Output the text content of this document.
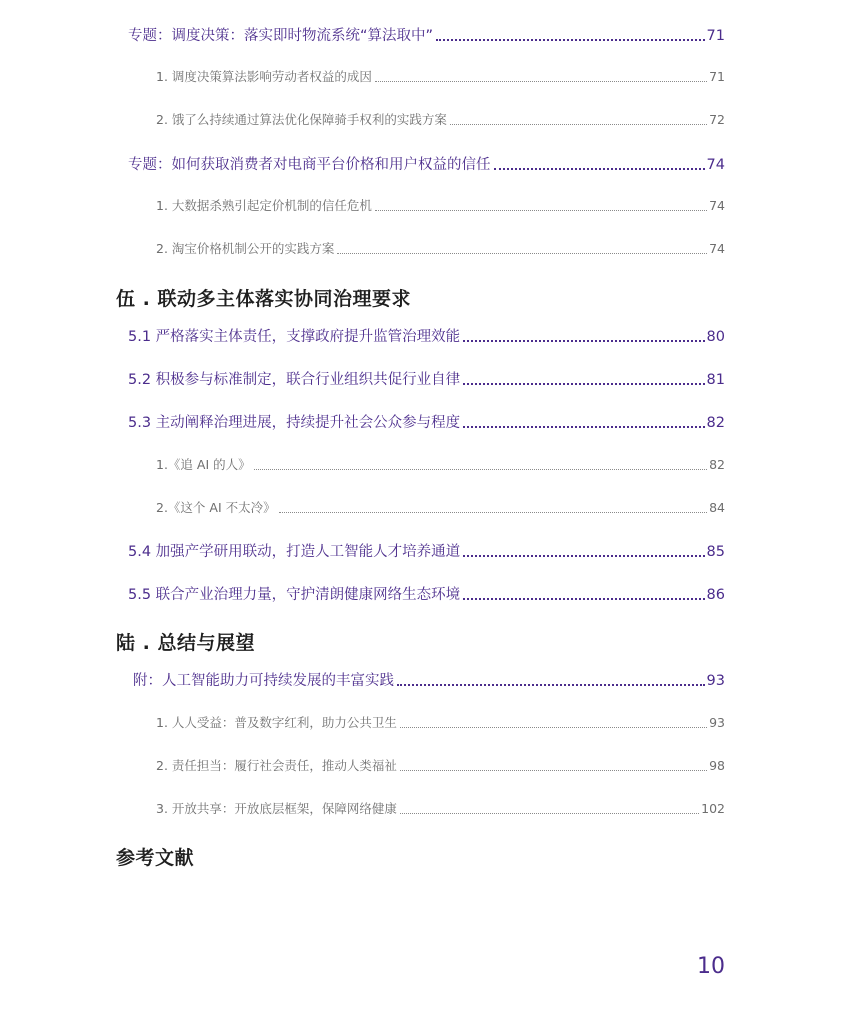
专题：调度决策：落实即时物流系统“算法取中”	71
1. 调度决策算法影响劳动者权益的成因	71
2. 饿了么持续通过算法优化保障骑手权利的实践方案	72
专题：如何获取消费者对电商平台价格和用户权益的信任	74
1. 大数据杀熟引起定价机制的信任危机	74
2. 淘宝价格机制公开的实践方案	74
伍 . 联动多主体落实协同治理要求
5.1 严格落实主体责任，支撑政府提升监管治理效能	80
5.2 积极参与标准制定，联合行业组织共促行业自律	81
5.3 主动阐释治理进展，持续提升社会公众参与程度	82
1.《追 AI 的人》	82
2.《这个 AI 不太冷》	84
5.4 加强产学研用联动，打造人工智能人才培养通道	85
5.5 联合产业治理力量，守护清朗健康网络生态环境	86
陆 . 总结与展望
附：人工智能助力可持续发展的丰富实践	93
1. 人人受益：普及数字红利，助力公共卫生	93
2. 责任担当：履行社会责任，推动人类福祉	98
3. 开放共享：开放底层框架，保障网络健康	102
参考文献
10
